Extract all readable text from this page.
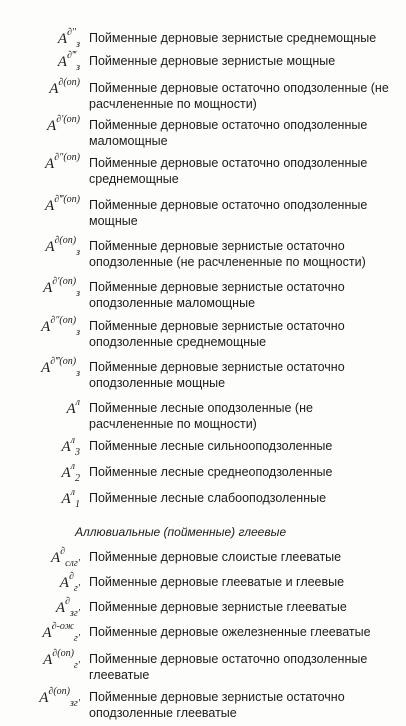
$A^{\partial''}_з$ Пойменные дерновые зернистые среднемощные
$A^{\partial‴}_з$ Пойменные дерновые зернистые мощные
$A^{\partial(on)}$ Пойменные дерновые остаточно оподзоленные (не расчлененные по мощности)
$A^{\partial'(on)}$ Пойменные дерновые остаточно оподзоленные маломощные
$A^{\partial''(on)}$ Пойменные дерновые остаточно оподзоленные среднемощные
$A^{\partial‴(on)}$ Пойменные дерновые остаточно оподзоленные мощные
$A^{\partial(on)}_з$ Пойменные дерновые зернистые остаточно оподзоленные (не расчлененные по мощности)
$A^{\partial'(on)}_з$ Пойменные дерновые зернистые остаточно оподзоленные маломощные
$A^{\partial''(on)}_з$ Пойменные дерновые зернистые остаточно оподзоленные среднемощные
$A^{\partial‴(on)}_з$ Пойменные дерновые зернистые остаточно оподзоленные мощные
$A^л$ Пойменные лесные оподзоленные (не расчлененные по мощности)
$A^л_3$ Пойменные лесные сильнооподзоленные
$A^л_2$ Пойменные лесные среднеоподзоленные
$A^л_1$ Пойменные лесные слабооподзоленные
Аллювиальные (пойменные) глеевые
$A^\partial_{слг'}$ Пойменные дерновые слоистые глееватые
$A^\partial_{г'}$ Пойменные дерновые глееватые и глеевые
$A^\partial_{зг'}$ Пойменные дерновые зернистые глееватые
$A^{\partial-ож}_{г'}$ Пойменные дерновые ожелезненные глееватые
$A^{\partial(on)}_{г'}$ Пойменные дерновые остаточно оподзоленные глееватые
$A^{\partial(on)}_{зг'}$ Пойменные дерновые зернистые остаточно оподзоленные глееватые
